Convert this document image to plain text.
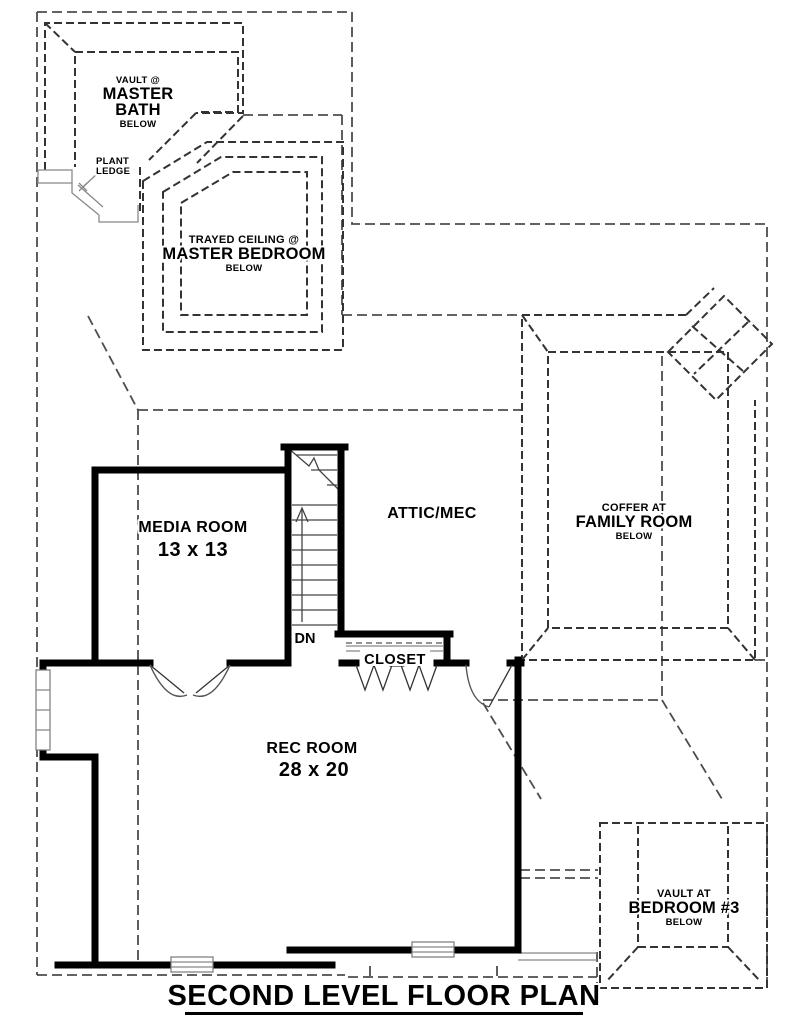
VAULT @
MASTER
BATH
BELOW
PLANT
LEDGE
TRAYED CEILING @
MASTER BEDROOM
BELOW
MEDIA ROOM
13 x 13
ATTIC/MEC	COFFER AT
FAMILY ROOM
BELOW
DN
CLOSET
REC ROOM
28 x 20
VAULT AT
BEDROOM #3
BELOW
SECOND LEVEL FLOOR PLAN
